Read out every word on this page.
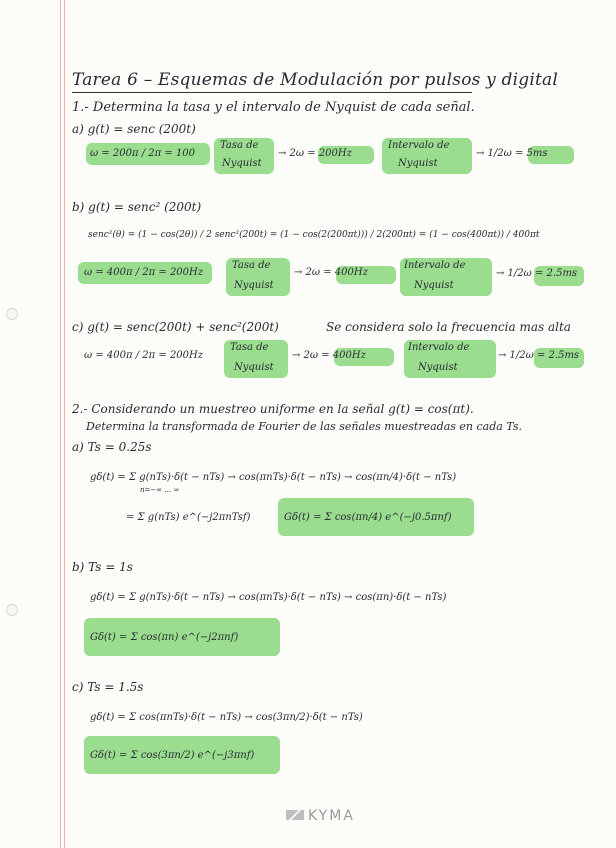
Tarea 6 – Esquemas de Modulación por pulsos y digital
1.- Determina la tasa y el intervalo de Nyquist de cada señal.
a) g(t) = senc (200t)
ω = 200π / 2π = 100
Tasa de
Nyquist
→ 2ω = 200Hz
Intervalo de
Nyquist
→ 1/2ω = 5ms
b) g(t) = senc² (200t)
senc²(θ) = (1 − cos(2θ)) / 2 senc²(200t) = (1 − cos(2(200πt))) / 2(200πt) = (1 − cos(400πt)) / 400πt
ω = 400π / 2π = 200Hz
Tasa de
Nyquist
→ 2ω = 400Hz
Intervalo de
Nyquist
→ 1/2ω = 2.5ms
c) g(t) = senc(200t) + senc²(200t)	Se considera solo la frecuencia mas alta
ω = 400π / 2π = 200Hz
Tasa de
Nyquist
→ 2ω = 400Hz
Intervalo de
Nyquist
→ 1/2ω = 2.5ms
2.- Considerando un muestreo uniforme en la señal g(t) = cos(πt).
Determina la transformada de Fourier de las señales muestreadas en cada Ts.
a) Ts = 0.25s
gδ(t) = Σ g(nTs)·δ(t − nTs) → cos(πnTs)·δ(t − nTs) → cos(πn/4)·δ(t − nTs)
n=−∞ … ∞
= Σ g(nTs) e^(−j2πnTsf)	Gδ(t) = Σ cos(πn/4) e^(−j0.5πnf)
b) Ts = 1s
gδ(t) = Σ g(nTs)·δ(t − nTs) → cos(πnTs)·δ(t − nTs) → cos(πn)·δ(t − nTs)
Gδ(t) = Σ cos(πn) e^(−j2πnf)
c) Ts = 1.5s
gδ(t) = Σ cos(πnTs)·δ(t − nTs) → cos(3πn/2)·δ(t − nTs)
Gδ(t) = Σ cos(3πn/2) e^(−j3πnf)
KYMA
